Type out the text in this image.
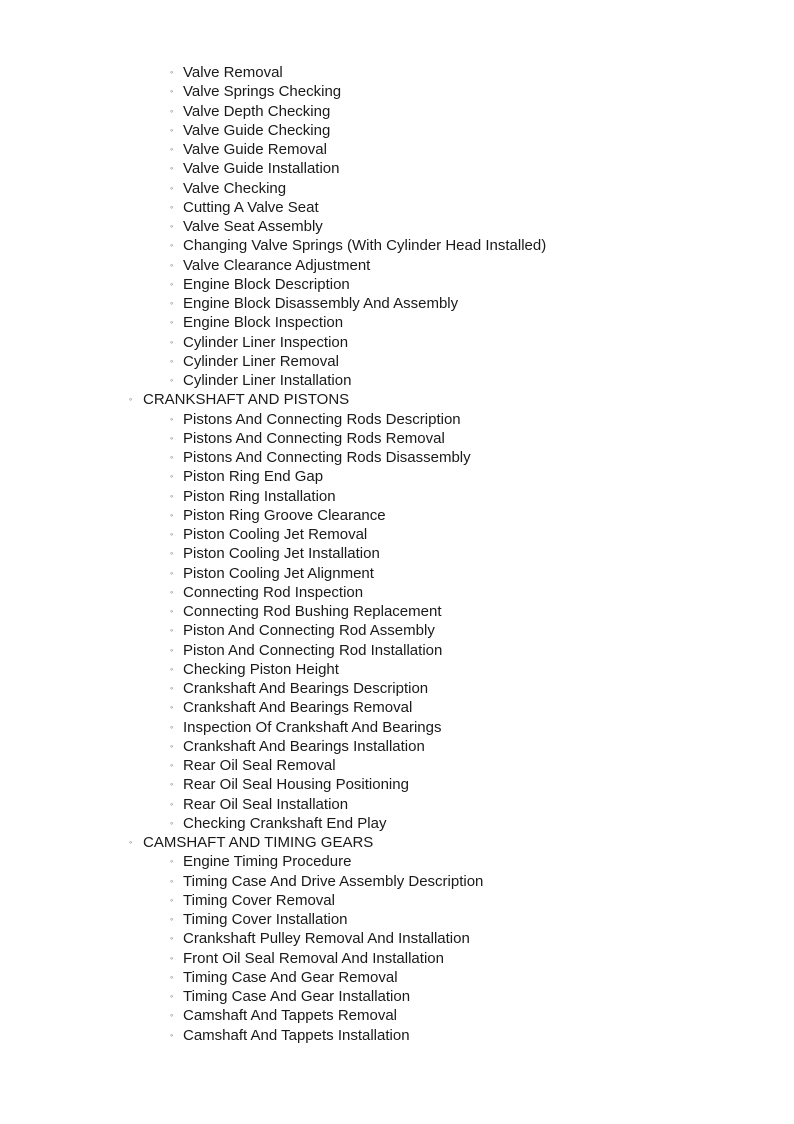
◦ Valve Removal
◦ Valve Springs Checking
◦ Valve Depth Checking
◦ Valve Guide Checking
◦ Valve Guide Removal
◦ Valve Guide Installation
◦ Valve Checking
◦ Cutting A Valve Seat
◦ Valve Seat Assembly
◦ Changing Valve Springs (With Cylinder Head Installed)
◦ Valve Clearance Adjustment
◦ Engine Block Description
◦ Engine Block Disassembly And Assembly
◦ Engine Block Inspection
◦ Cylinder Liner Inspection
◦ Cylinder Liner Removal
◦ Cylinder Liner Installation
◦ CRANKSHAFT AND PISTONS
◦ Pistons And Connecting Rods Description
◦ Pistons And Connecting Rods Removal
◦ Pistons And Connecting Rods Disassembly
◦ Piston Ring End Gap
◦ Piston Ring Installation
◦ Piston Ring Groove Clearance
◦ Piston Cooling Jet Removal
◦ Piston Cooling Jet Installation
◦ Piston Cooling Jet Alignment
◦ Connecting Rod Inspection
◦ Connecting Rod Bushing Replacement
◦ Piston And Connecting Rod Assembly
◦ Piston And Connecting Rod Installation
◦ Checking Piston Height
◦ Crankshaft And Bearings Description
◦ Crankshaft And Bearings Removal
◦ Inspection Of Crankshaft And Bearings
◦ Crankshaft And Bearings Installation
◦ Rear Oil Seal Removal
◦ Rear Oil Seal Housing Positioning
◦ Rear Oil Seal Installation
◦ Checking Crankshaft End Play
◦ CAMSHAFT AND TIMING GEARS
◦ Engine Timing Procedure
◦ Timing Case And Drive Assembly Description
◦ Timing Cover Removal
◦ Timing Cover Installation
◦ Crankshaft Pulley Removal And Installation
◦ Front Oil Seal Removal And Installation
◦ Timing Case And Gear Removal
◦ Timing Case And Gear Installation
◦ Camshaft And Tappets Removal
◦ Camshaft And Tappets Installation
